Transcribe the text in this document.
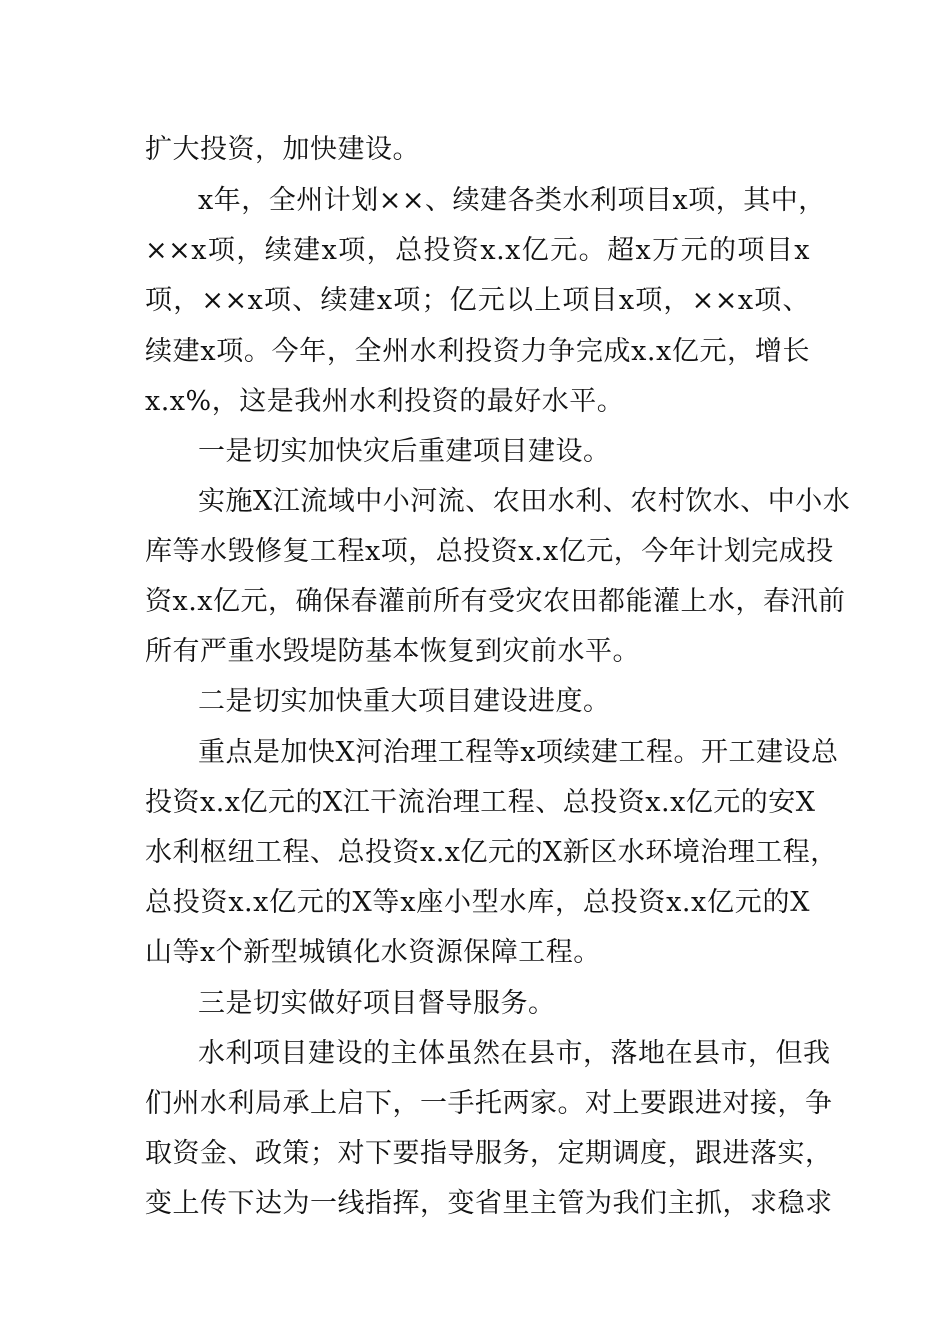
扩大投资，加快建设。
x年，全州计划××、续建各类水利项目x项，其中，
××x项，续建x项，总投资x.x亿元。超x万元的项目x
项，××x项、续建x项；亿元以上项目x项，××x项、
续建x项。今年，全州水利投资力争完成x.x亿元，增长
x.x%，这是我州水利投资的最好水平。
一是切实加快灾后重建项目建设。
实施X江流域中小河流、农田水利、农村饮水、中小水
库等水毁修复工程x项，总投资x.x亿元，今年计划完成投
资x.x亿元，确保春灌前所有受灾农田都能灌上水，春汛前
所有严重水毁堤防基本恢复到灾前水平。
二是切实加快重大项目建设进度。
重点是加快X河治理工程等x项续建工程。开工建设总
投资x.x亿元的X江干流治理工程、总投资x.x亿元的安X
水利枢纽工程、总投资x.x亿元的X新区水环境治理工程，
总投资x.x亿元的X等x座小型水库，总投资x.x亿元的X
山等x个新型城镇化水资源保障工程。
三是切实做好项目督导服务。
水利项目建设的主体虽然在县市，落地在县市，但我
们州水利局承上启下，一手托两家。对上要跟进对接，争
取资金、政策；对下要指导服务，定期调度，跟进落实，
变上传下达为一线指挥，变省里主管为我们主抓，求稳求
